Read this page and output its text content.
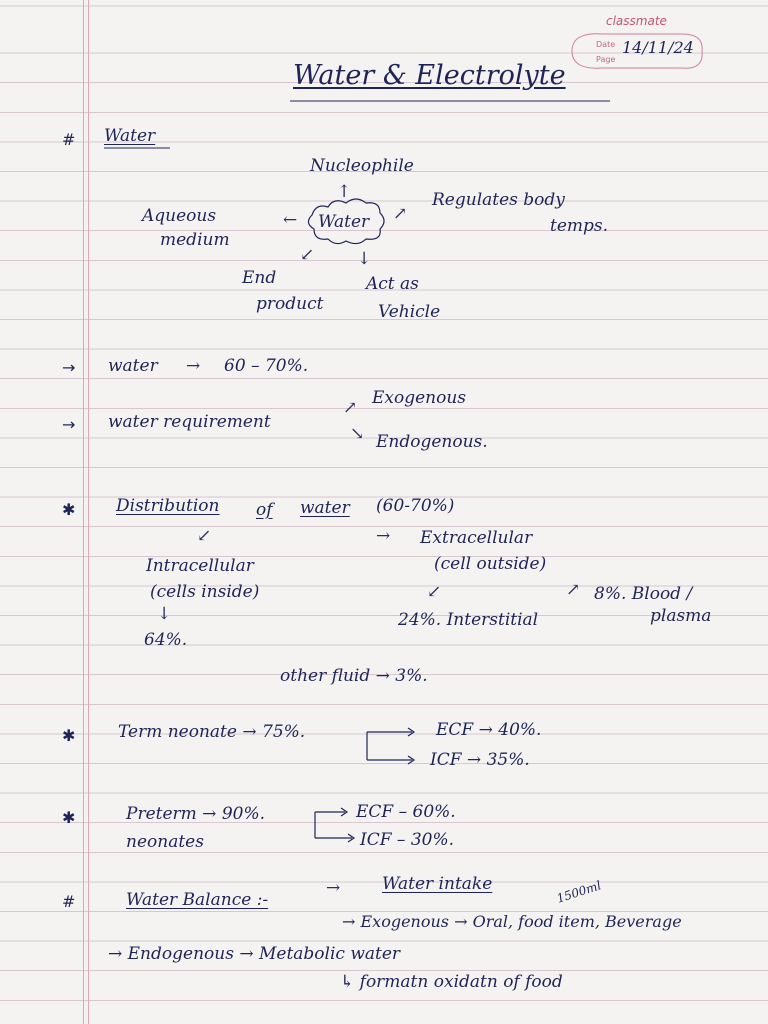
classmate
Date
Page
14/11/24
Water & Electrolyte
# Water
Nucleophile
↑
Water
Aqueous
medium
←	↗
Regulates body
temps.
↙	↓
End
product
Act as
Vehicle
→ water → 60 – 70%.
→ water requirement
↗
↘
Exogenous
Endogenous.
✱ Distribution of water (60-70%)
↙	→ Extracellular
Intracellular	(cell outside)
(cells inside)	↗ 8%. Blood /
↙
↓	24%. Interstitial	plasma
64%.
other fluid → 3%.
✱	Term neonate → 75%.	ECF → 40%.
ICF → 35%.
✱	Preterm → 90%.
neonates
ECF – 60%.
ICF – 30%.
#	Water Balance :-
→ Water intake	1500ml
→ Exogenous → Oral, food item, Beverage
→ Endogenous → Metabolic water
↳ formatn oxidatn of food
